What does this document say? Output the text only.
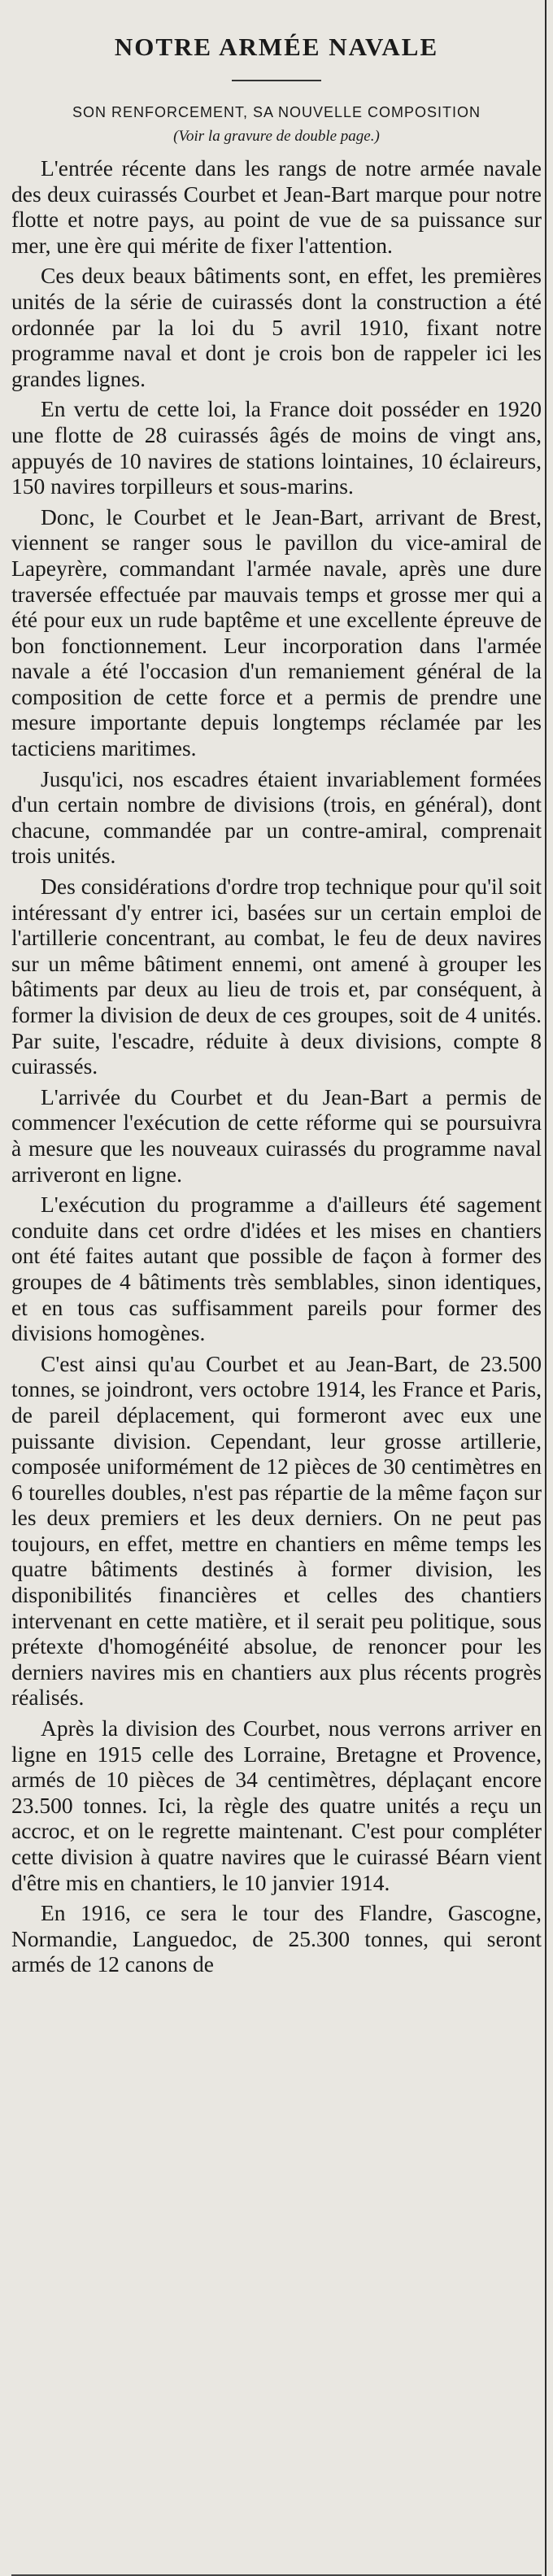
NOTRE ARMÉE NAVALE
SON RENFORCEMENT, SA NOUVELLE COMPOSITION
(Voir la gravure de double page.)

L'entrée récente dans les rangs de notre armée navale des deux cuirassés Courbet et Jean-Bart marque pour notre flotte et notre pays, au point de vue de sa puissance sur mer, une ère qui mérite de fixer l'attention.

Ces deux beaux bâtiments sont, en effet, les premières unités de la série de cuirassés dont la construction a été ordonnée par la loi du 5 avril 1910, fixant notre programme naval et dont je crois bon de rappeler ici les grandes lignes.

En vertu de cette loi, la France doit posséder en 1920 une flotte de 28 cuirassés âgés de moins de vingt ans, appuyés de 10 navires de stations lointaines, 10 éclaireurs, 150 navires torpilleurs et sous-marins.

Donc, le Courbet et le Jean-Bart, arrivant de Brest, viennent se ranger sous le pavillon du vice-amiral de Lapeyrère, commandant l'armée navale, après une dure traversée effectuée par mauvais temps et grosse mer qui a été pour eux un rude baptême et une excellente épreuve de bon fonctionnement. Leur incorporation dans l'armée navale a été l'occasion d'un remaniement général de la composition de cette force et a permis de prendre une mesure importante depuis longtemps réclamée par les tacticiens maritimes.

Jusqu'ici, nos escadres étaient invariablement formées d'un certain nombre de divisions (trois, en général), dont chacune, commandée par un contre-amiral, comprenait trois unités.

Des considérations d'ordre trop technique pour qu'il soit intéressant d'y entrer ici, basées sur un certain emploi de l'artillerie concentrant, au combat, le feu de deux navires sur un même bâtiment ennemi, ont amené à grouper les bâtiments par deux au lieu de trois et, par conséquent, à former la division de deux de ces groupes, soit de 4 unités. Par suite, l'escadre, réduite à deux divisions, compte 8 cuirassés.

L'arrivée du Courbet et du Jean-Bart a permis de commencer l'exécution de cette réforme qui se poursuivra à mesure que les nouveaux cuirassés du programme naval arriveront en ligne.

L'exécution du programme a d'ailleurs été sagement conduite dans cet ordre d'idées et les mises en chantiers ont été faites autant que possible de façon à former des groupes de 4 bâtiments très semblables, sinon identiques, et en tous cas suffisamment pareils pour former des divisions homogènes.

C'est ainsi qu'au Courbet et au Jean-Bart, de 23.500 tonnes, se joindront, vers octobre 1914, les France et Paris, de pareil déplacement, qui formeront avec eux une puissante division. Cependant, leur grosse artillerie, composée uniformément de 12 pièces de 30 centimètres en 6 tourelles doubles, n'est pas répartie de la même façon sur les deux premiers et les deux derniers. On ne peut pas toujours, en effet, mettre en chantiers en même temps les quatre bâtiments destinés à former division, les disponibilités financières et celles des chantiers intervenant en cette matière, et il serait peu politique, sous prétexte d'homogénéité absolue, de renoncer pour les derniers navires mis en chantiers aux plus récents progrès réalisés.

Après la division des Courbet, nous verrons arriver en ligne en 1915 celle des Lorraine, Bretagne et Provence, armés de 10 pièces de 34 centimètres, déplaçant encore 23.500 tonnes. Ici, la règle des quatre unités a reçu un accroc, et on le regrette maintenant. C'est pour compléter cette division à quatre navires que le cuirassé Béarn vient d'être mis en chantiers, le 10 janvier 1914.

En 1916, ce sera le tour des Flandre, Gascogne, Normandie, Languedoc, de 25.300 tonnes, qui seront armés de 12 canons de
